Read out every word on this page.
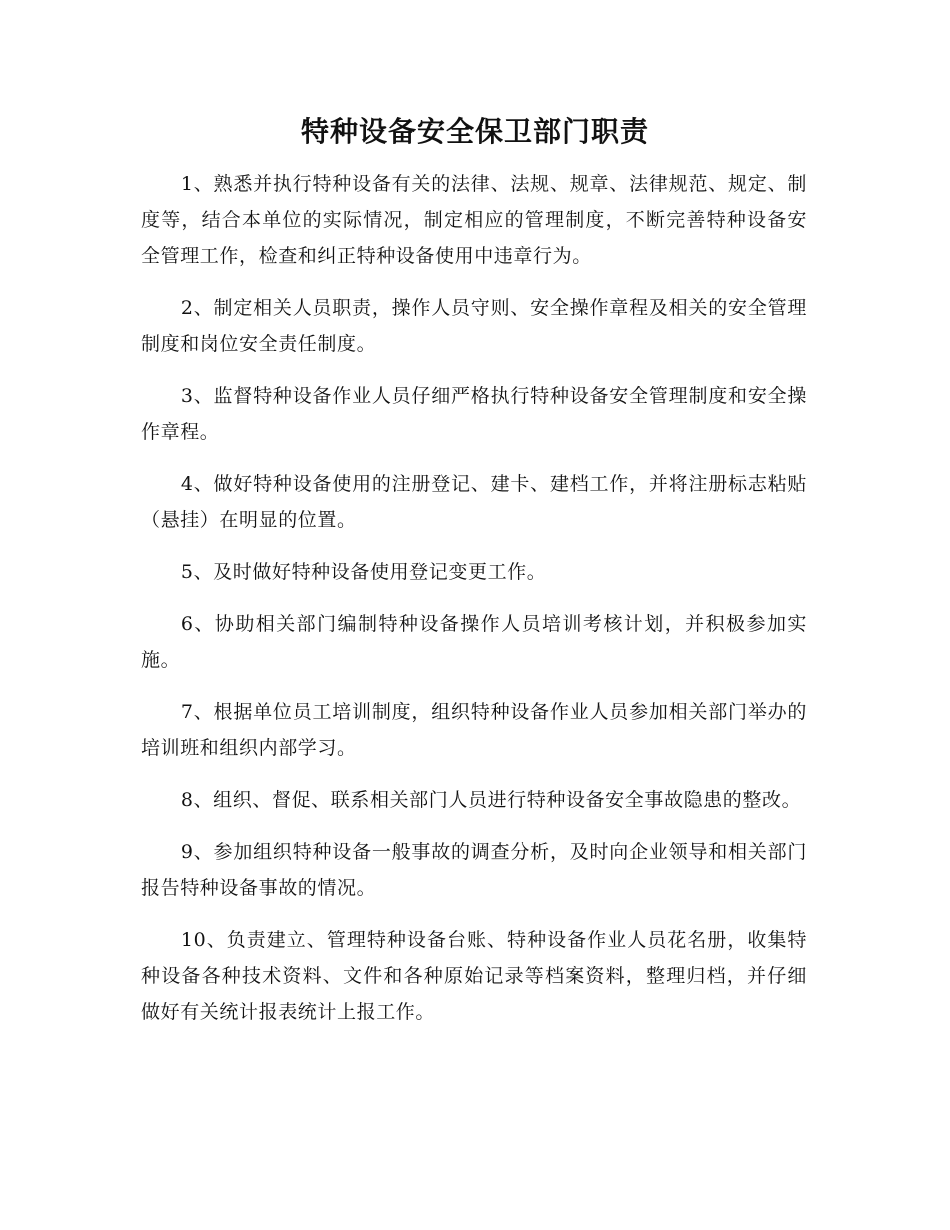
特种设备安全保卫部门职责

1、熟悉并执行特种设备有关的法律、法规、规章、法律规范、规定、制度等，结合本单位的实际情况，制定相应的管理制度，不断完善特种设备安全管理工作，检查和纠正特种设备使用中违章行为。

2、制定相关人员职责，操作人员守则、安全操作章程及相关的安全管理制度和岗位安全责任制度。

3、监督特种设备作业人员仔细严格执行特种设备安全管理制度和安全操作章程。

4、做好特种设备使用的注册登记、建卡、建档工作，并将注册标志粘贴（悬挂）在明显的位置。

5、及时做好特种设备使用登记变更工作。

6、协助相关部门编制特种设备操作人员培训考核计划，并积极参加实施。

7、根据单位员工培训制度，组织特种设备作业人员参加相关部门举办的培训班和组织内部学习。

8、组织、督促、联系相关部门人员进行特种设备安全事故隐患的整改。

9、参加组织特种设备一般事故的调查分析，及时向企业领导和相关部门报告特种设备事故的情况。

10、负责建立、管理特种设备台账、特种设备作业人员花名册，收集特种设备各种技术资料、文件和各种原始记录等档案资料，整理归档，并仔细做好有关统计报表统计上报工作。
